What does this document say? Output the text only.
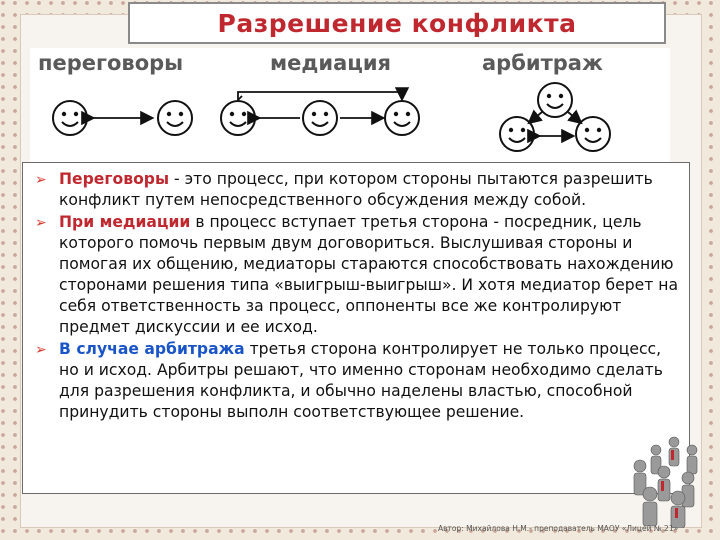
Разрешение конфликта
переговоры	медиация	арбитраж
➢ Переговоры - это процесс, при котором стороны пытаются разрешить конфликт путем непосредственного обсуждения между собой.
➢ При медиации в процесс вступает третья сторона - посредник, цель которого помочь первым двум договориться. Выслушивая стороны и помогая их общению, медиаторы стараются способствовать нахождению сторонами решения типа «выигрыш-выигрыш». И хотя медиатор берет на себя ответственность за процесс, оппоненты все же контролируют предмет дискуссии и ее исход.
➢ В случае арбитража третья сторона контролирует не только процесс, но и исход. Арбитры решают, что именно сторонам необходимо сделать для разрешения конфликта, и обычно наделены властью, способной принудить стороны выполн соответствующее решение.
Автор: Михайлова Н.М.- преподаватель МАОУ «Лицей № 21»
